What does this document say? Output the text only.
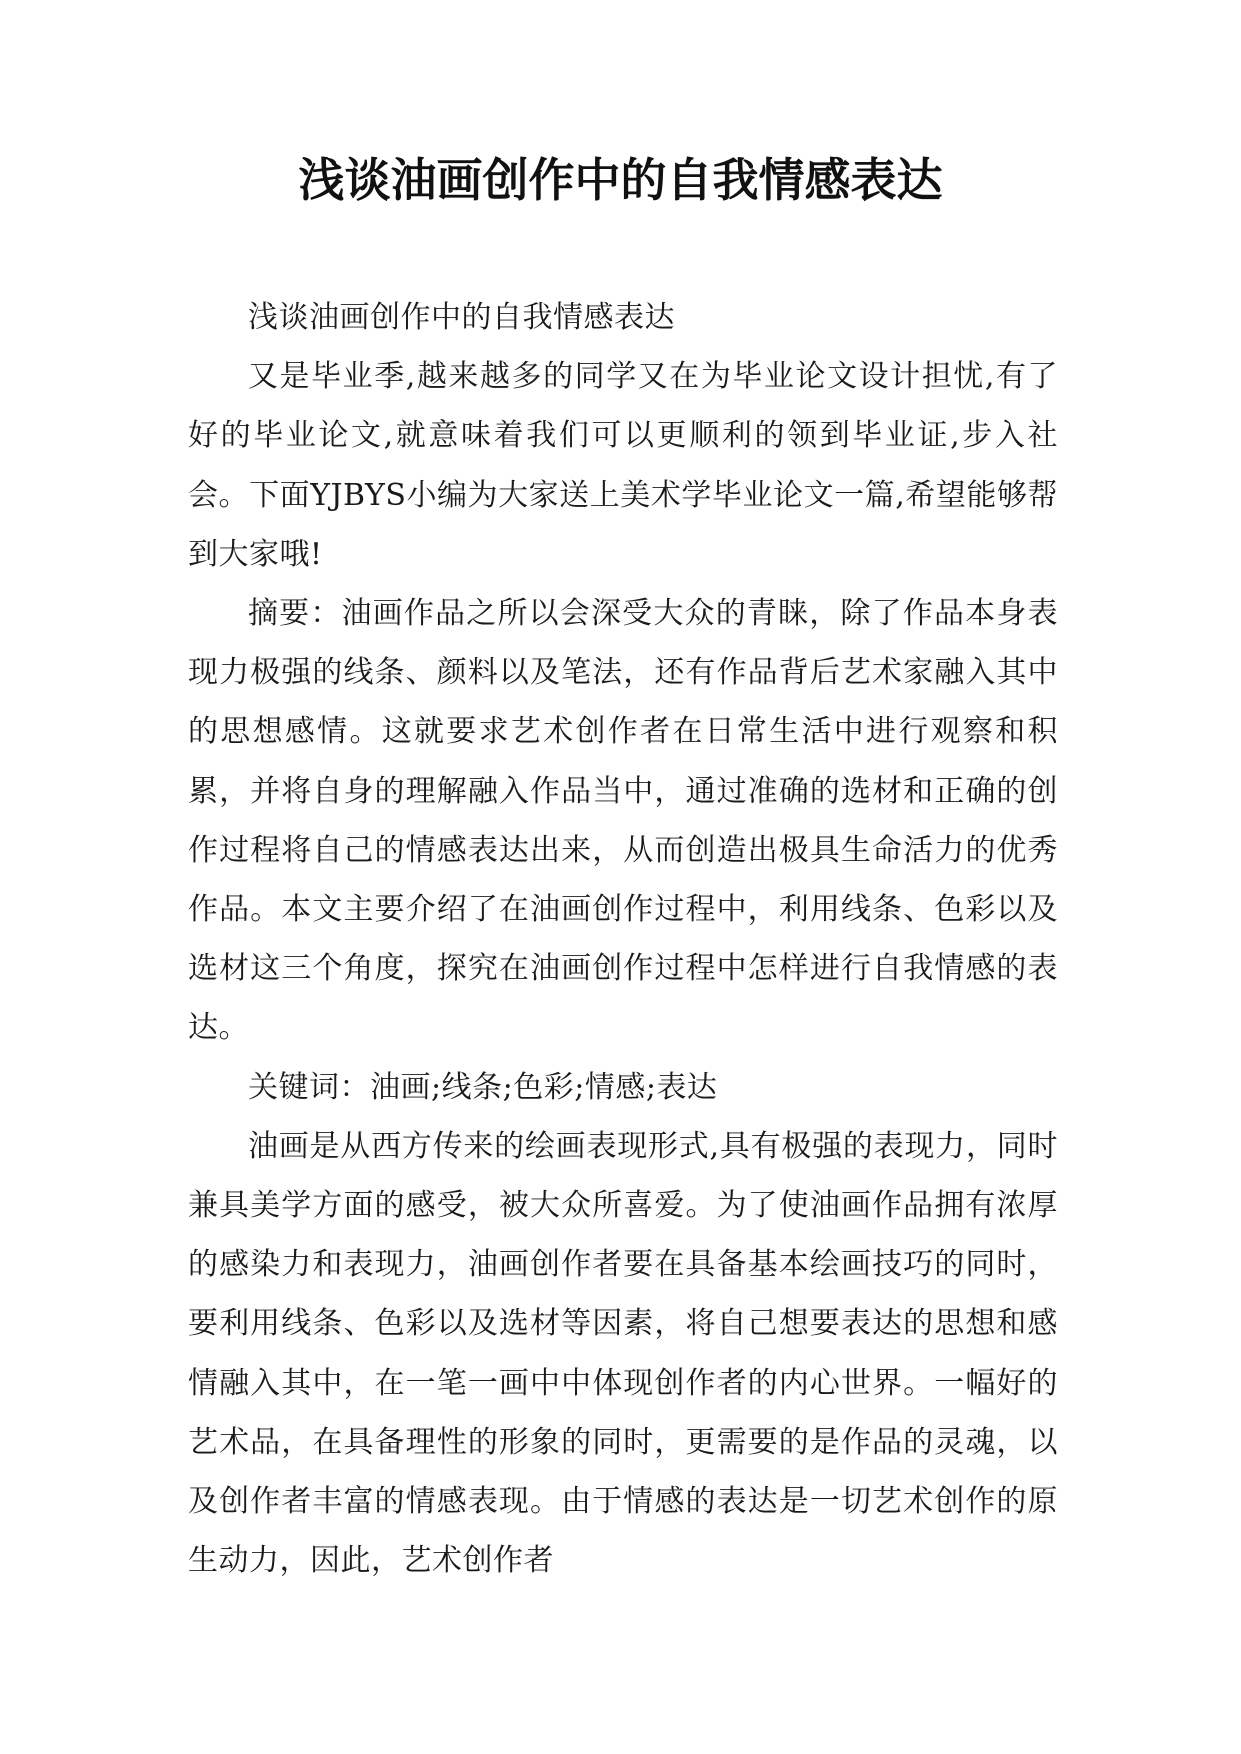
浅谈油画创作中的自我情感表达

浅谈油画创作中的自我情感表达

又是毕业季,越来越多的同学又在为毕业论文设计担忧,有了好的毕业论文,就意味着我们可以更顺利的领到毕业证,步入社会。下面YJBYS小编为大家送上美术学毕业论文一篇,希望能够帮到大家哦!

摘要：油画作品之所以会深受大众的青睐，除了作品本身表现力极强的线条、颜料以及笔法，还有作品背后艺术家融入其中的思想感情。这就要求艺术创作者在日常生活中进行观察和积累，并将自身的理解融入作品当中，通过准确的选材和正确的创作过程将自己的情感表达出来，从而创造出极具生命活力的优秀作品。本文主要介绍了在油画创作过程中，利用线条、色彩以及选材这三个角度，探究在油画创作过程中怎样进行自我情感的表达。

关键词：油画;线条;色彩;情感;表达

油画是从西方传来的绘画表现形式,具有极强的表现力，同时兼具美学方面的感受，被大众所喜爱。为了使油画作品拥有浓厚的感染力和表现力，油画创作者要在具备基本绘画技巧的同时，要利用线条、色彩以及选材等因素，将自己想要表达的思想和感情融入其中，在一笔一画中中体现创作者的内心世界。一幅好的艺术品，在具备理性的形象的同时，更需要的是作品的灵魂，以及创作者丰富的情感表现。由于情感的表达是一切艺术创作的原生动力，因此，艺术创作者
